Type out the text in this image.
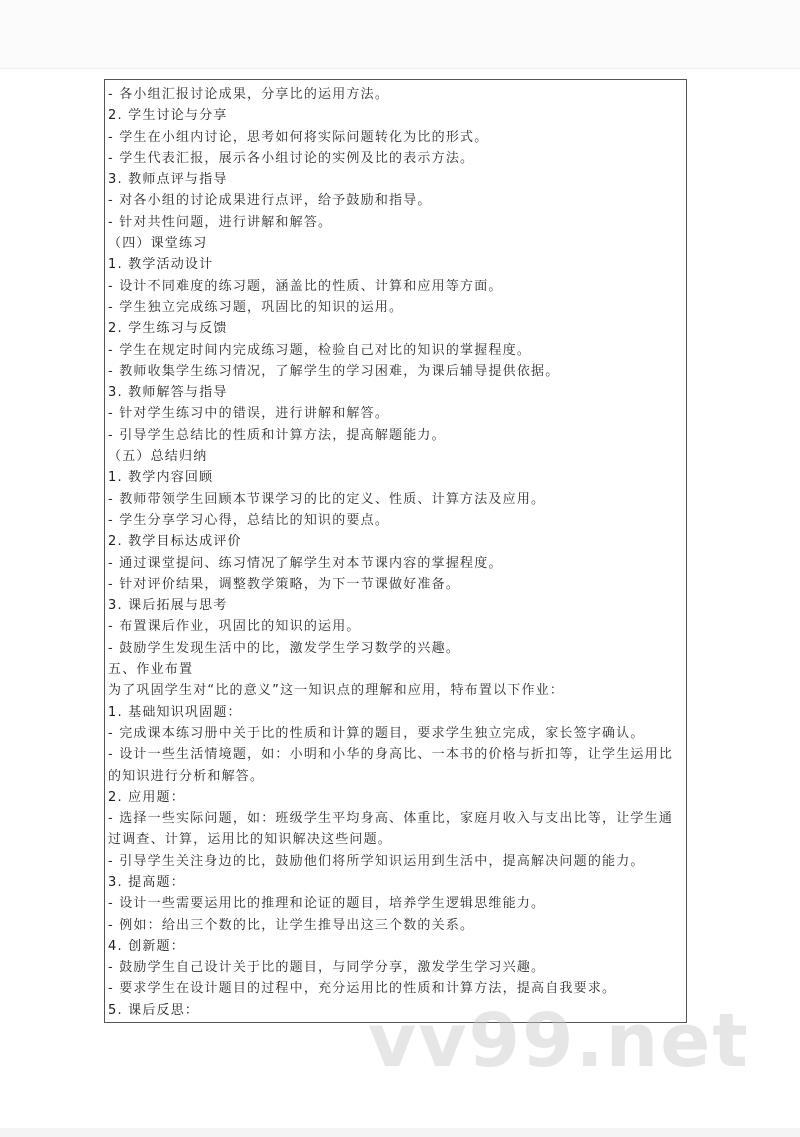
- 各小组汇报讨论成果，分享比的运用方法。
2. 学生讨论与分享
- 学生在小组内讨论，思考如何将实际问题转化为比的形式。
- 学生代表汇报，展示各小组讨论的实例及比的表示方法。
3. 教师点评与指导
- 对各小组的讨论成果进行点评，给予鼓励和指导。
- 针对共性问题，进行讲解和解答。
（四）课堂练习
1. 教学活动设计
- 设计不同难度的练习题，涵盖比的性质、计算和应用等方面。
- 学生独立完成练习题，巩固比的知识的运用。
2. 学生练习与反馈
- 学生在规定时间内完成练习题，检验自己对比的知识的掌握程度。
- 教师收集学生练习情况，了解学生的学习困难，为课后辅导提供依据。
3. 教师解答与指导
- 针对学生练习中的错误，进行讲解和解答。
- 引导学生总结比的性质和计算方法，提高解题能力。
（五）总结归纳
1. 教学内容回顾
- 教师带领学生回顾本节课学习的比的定义、性质、计算方法及应用。
- 学生分享学习心得，总结比的知识的要点。
2. 教学目标达成评价
- 通过课堂提问、练习情况了解学生对本节课内容的掌握程度。
- 针对评价结果，调整教学策略，为下一节课做好准备。
3. 课后拓展与思考
- 布置课后作业，巩固比的知识的运用。
- 鼓励学生发现生活中的比，激发学生学习数学的兴趣。
五、作业布置
为了巩固学生对“比的意义”这一知识点的理解和应用，特布置以下作业：
1. 基础知识巩固题：
- 完成课本练习册中关于比的性质和计算的题目，要求学生独立完成，家长签字确认。
- 设计一些生活情境题，如：小明和小华的身高比、一本书的价格与折扣等，让学生运用比
的知识进行分析和解答。
2. 应用题：
- 选择一些实际问题，如：班级学生平均身高、体重比，家庭月收入与支出比等，让学生通
过调查、计算，运用比的知识解决这些问题。
- 引导学生关注身边的比，鼓励他们将所学知识运用到生活中，提高解决问题的能力。
3. 提高题：
- 设计一些需要运用比的推理和论证的题目，培养学生逻辑思维能力。
- 例如：给出三个数的比，让学生推导出这三个数的关系。
4. 创新题：
- 鼓励学生自己设计关于比的题目，与同学分享，激发学生学习兴趣。
- 要求学生在设计题目的过程中，充分运用比的性质和计算方法，提高自我要求。
5. 课后反思：	vv99.net
